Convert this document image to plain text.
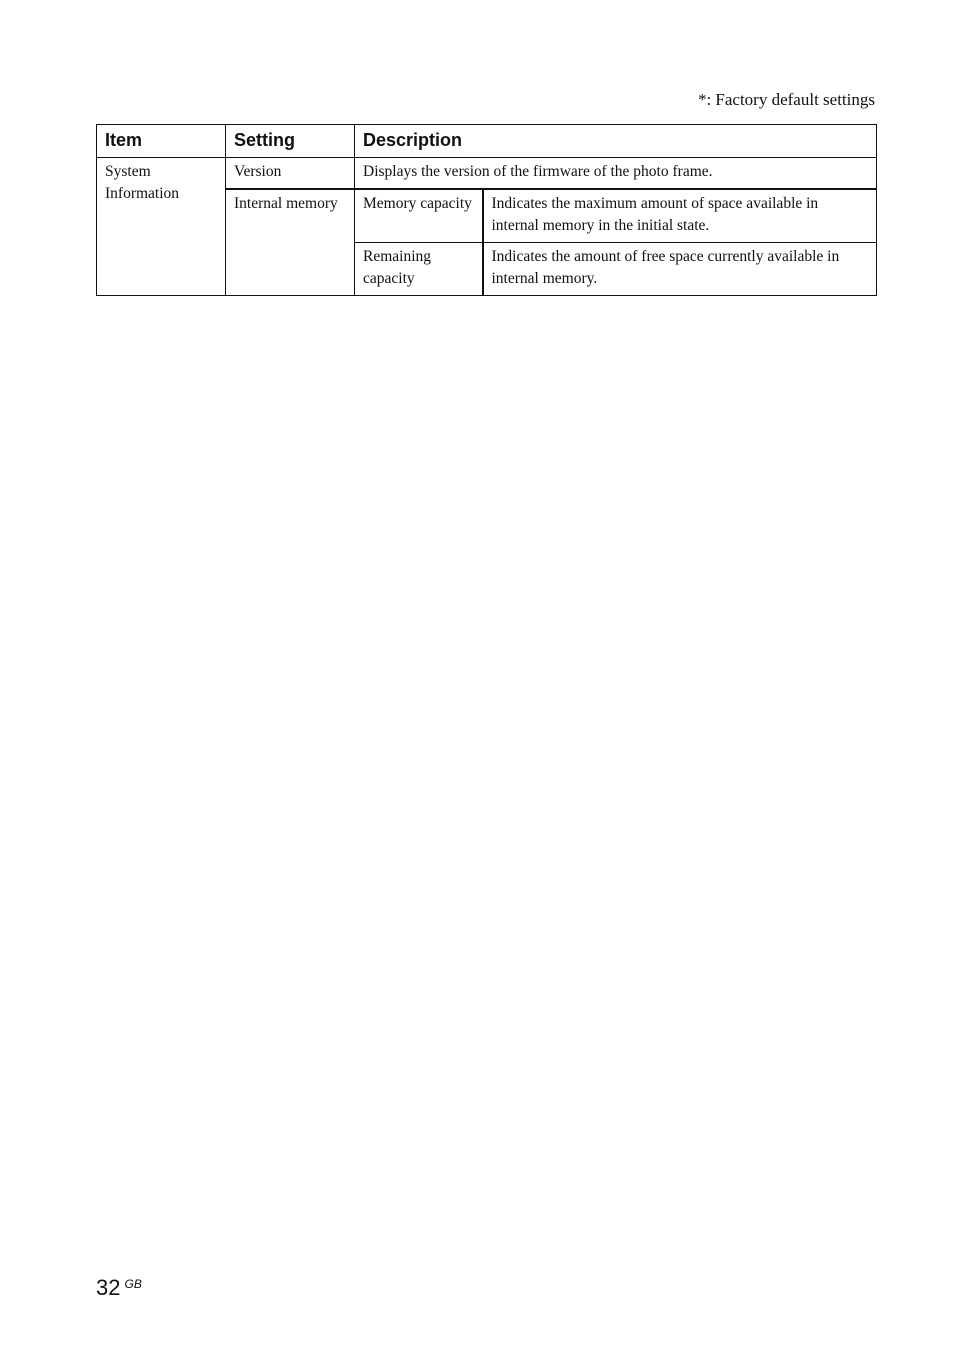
*: Factory default settings
Item	Setting	Description	
System Information	Version	Displays the version of the firmware of the photo frame.	
	Internal memory	Memory capacity	Indicates the maximum amount of space available in internal memory in the initial state.
		Remaining capacity	Indicates the amount of free space currently available in internal memory.
32 $^{GB}$
